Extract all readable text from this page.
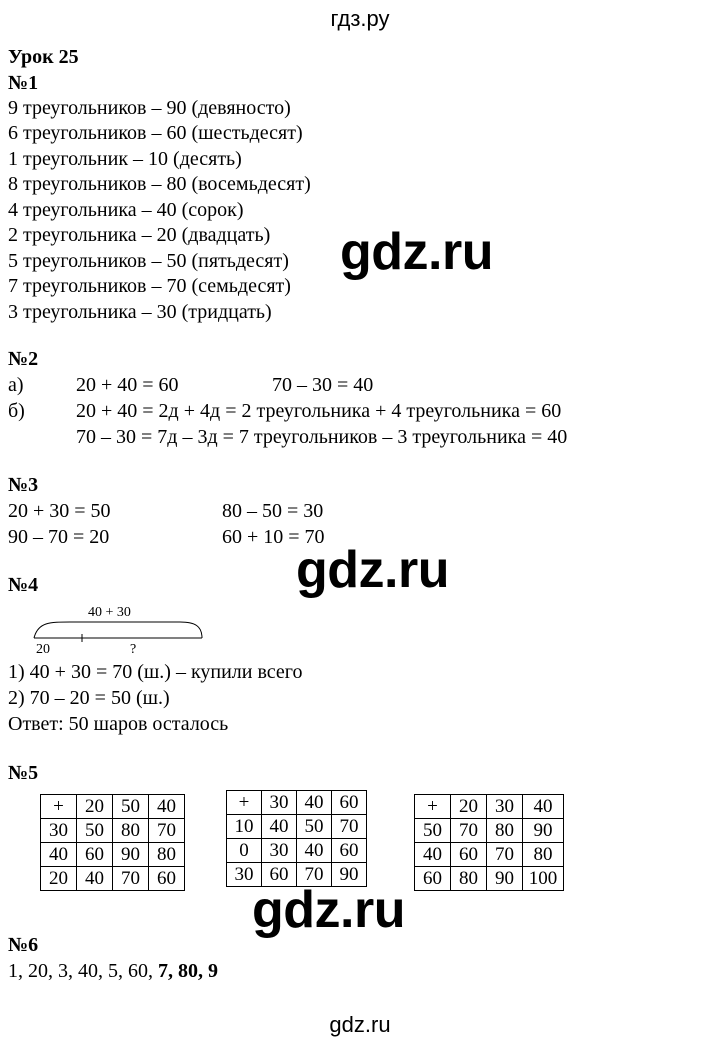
гдз.ру
Урок 25
№1
9 треугольников – 90 (девяносто)
6 треугольников – 60 (шестьдесят)
1 треугольник – 10 (десять)
8 треугольников – 80 (восемьдесят)
4 треугольника – 40 (сорок)
2 треугольника – 20 (двадцать)
5 треугольников – 50 (пятьдесят)
7 треугольников – 70 (семьдесят)
3 треугольника – 30 (тридцать)
gdz.ru
№2
а)	20 + 40 = 60	70 – 30 = 40
б)	20 + 40 = 2д + 4д = 2 треугольника + 4 треугольника = 60
70 – 30 = 7д – 3д = 7 треугольников – 3 треугольника = 40
№3
20 + 30 = 50	80 – 50 = 30
90 – 70 = 20	60 + 10 = 70
gdz.ru
№4
40 + 30
20	?
1) 40 + 30 = 70 (ш.) – купили всего
2) 70 – 20 = 50 (ш.)
Ответ: 50 шаров осталось
№5
+	20	50	40
30	50	80	70
40	60	90	80
20	40	70	60
+	30	40	60
10	40	50	70
0	30	40	60
30	60	70	90
+	20	30	40
50	70	80	90
40	60	70	80
60	80	90	100
gdz.ru
№6
1, 20, 3, 40, 5, 60, 7, 80, 9
gdz.ru
